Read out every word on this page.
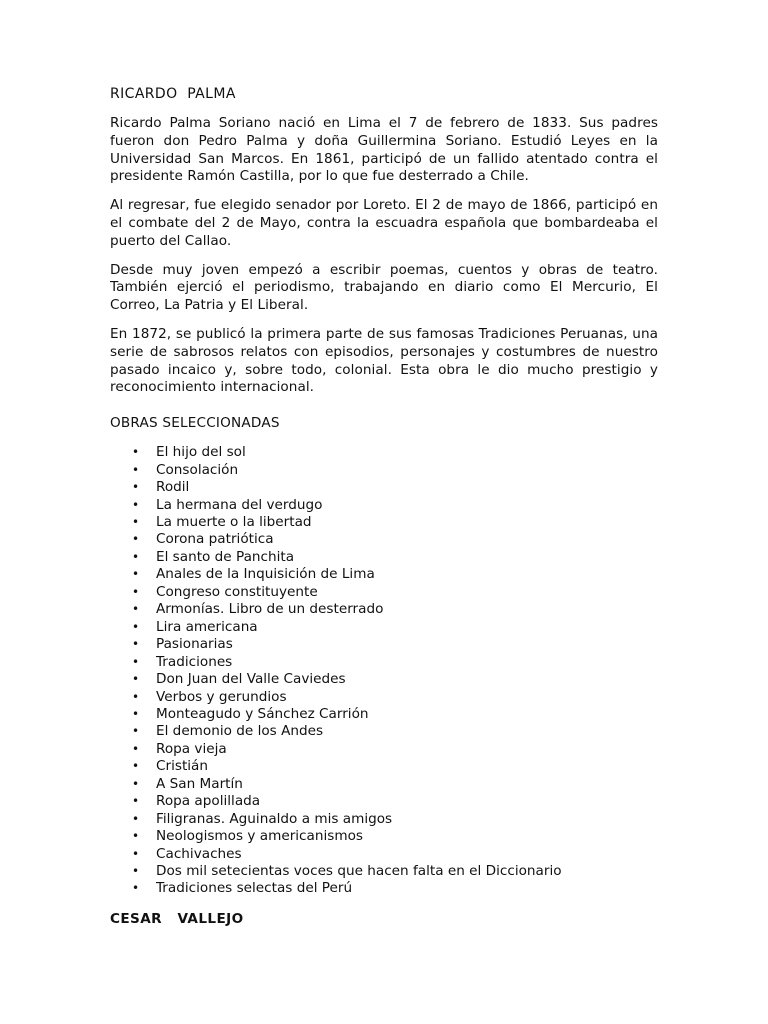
RICARDO  PALMA

Ricardo Palma Soriano nació en Lima el 7 de febrero de 1833. Sus padres fueron don Pedro Palma y doña Guillermina Soriano. Estudió Leyes en la Universidad San Marcos. En 1861, participó de un fallido atentado contra el presidente Ramón Castilla, por lo que fue desterrado a Chile.

Al regresar, fue elegido senador por Loreto. El 2 de mayo de 1866, participó en el combate del 2 de Mayo, contra la escuadra española que bombardeaba el puerto del Callao.

Desde muy joven empezó a escribir poemas, cuentos y obras de teatro. También ejerció el periodismo, trabajando en diario como El Mercurio, El Correo, La Patria y El Liberal.

En 1872, se publicó la primera parte de sus famosas Tradiciones Peruanas, una serie de sabrosos relatos con episodios, personajes y costumbres de nuestro pasado incaico y, sobre todo, colonial. Esta obra le dio mucho prestigio y reconocimiento internacional.

OBRAS SELECCIONADAS
• El hijo del sol
• Consolación
• Rodil
• La hermana del verdugo
• La muerte o la libertad
• Corona patriótica
• El santo de Panchita
• Anales de la Inquisición de Lima
• Congreso constituyente
• Armonías. Libro de un desterrado
• Lira americana
• Pasionarias
• Tradiciones
• Don Juan del Valle Caviedes
• Verbos y gerundios
• Monteagudo y Sánchez Carrión
• El demonio de los Andes
• Ropa vieja
• Cristián
• A San Martín
• Ropa apolillada
• Filigranas. Aguinaldo a mis amigos
• Neologismos y americanismos
• Cachivaches
• Dos mil setecientas voces que hacen falta en el Diccionario
• Tradiciones selectas del Perú
CESAR   VALLEJO
